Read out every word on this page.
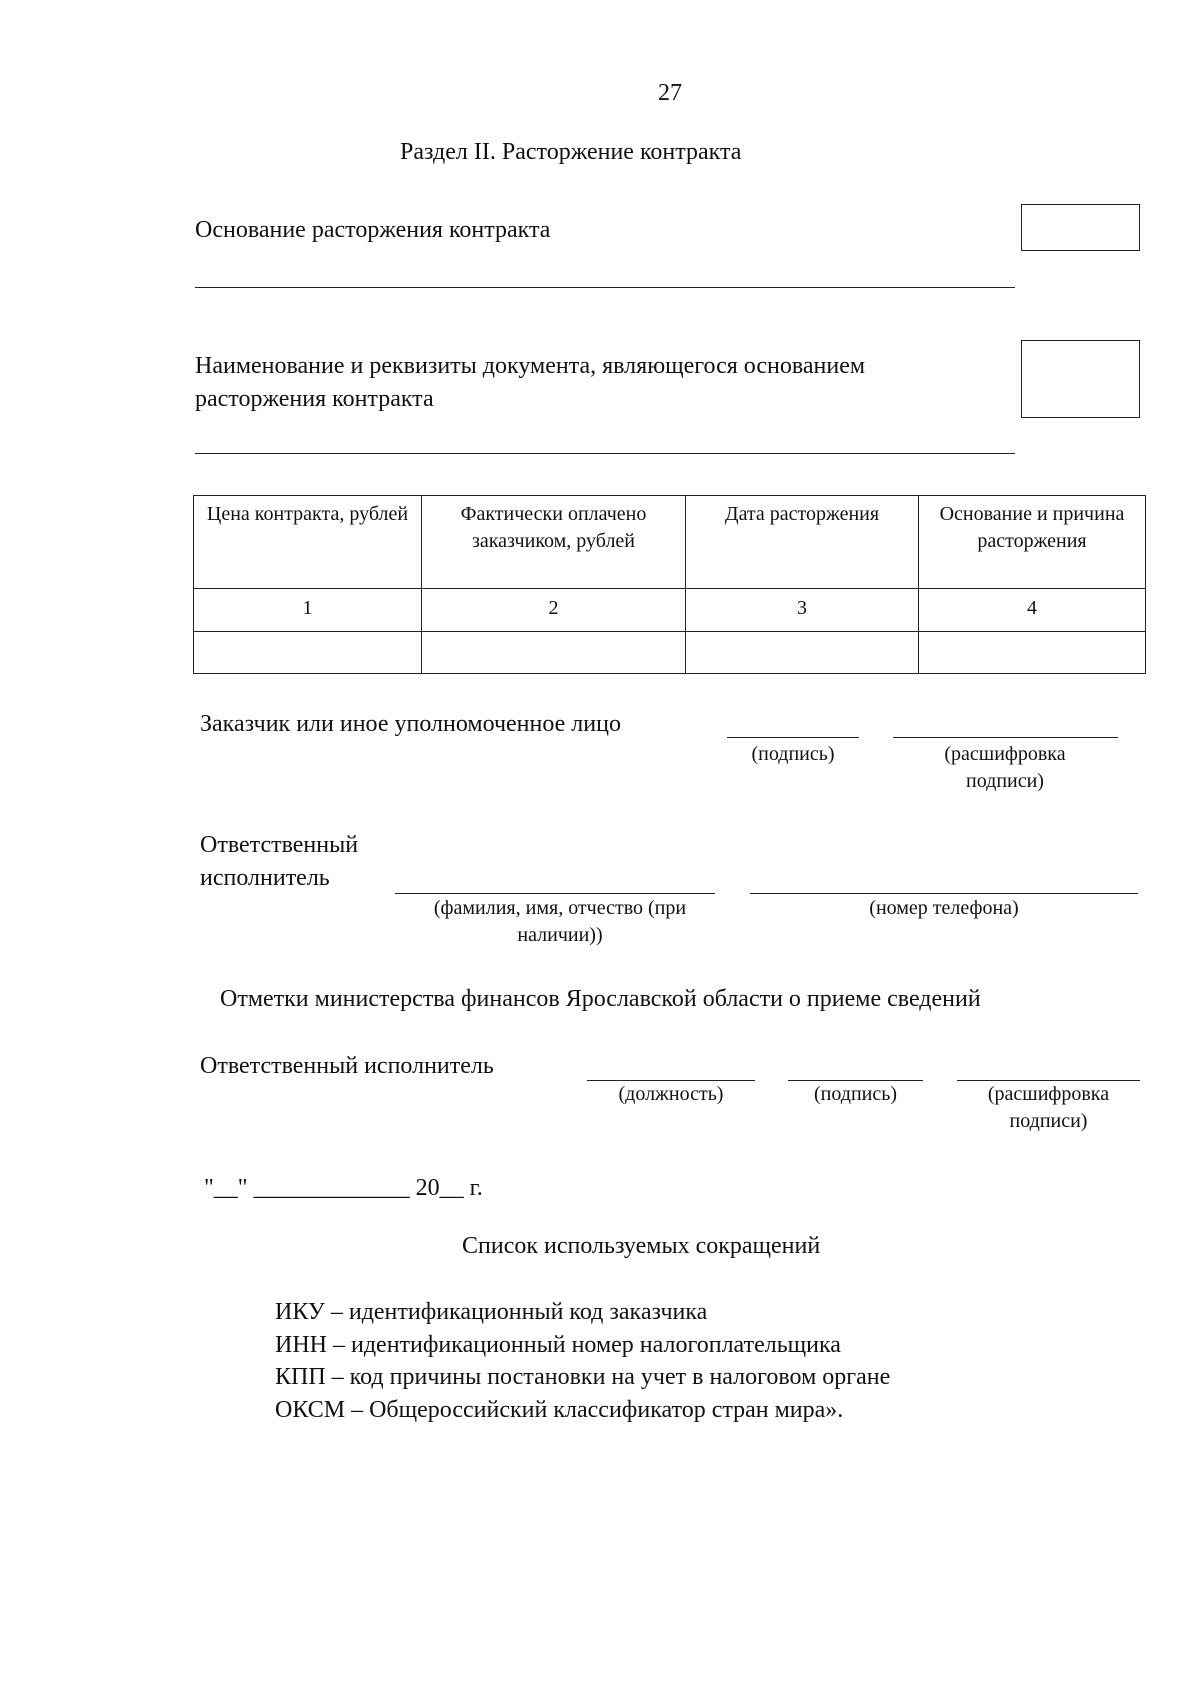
27
Раздел II. Расторжение контракта
Основание расторжения контракта
Наименование и реквизиты документа, являющегося основанием расторжения контракта
Цена контракта, рублей	Фактически оплачено заказчиком, рублей	Дата расторжения	Основание и причина расторжения
1	2	3	4

Заказчик или иное уполномоченное лицо
(подпись)	(расшифровка подписи)
Ответственный исполнитель
(фамилия, имя, отчество (при наличии))
(номер телефона)
Отметки министерства финансов Ярославской области о приеме сведений
Ответственный исполнитель
(должность)	(подпись)	(расшифровка подписи)
"__" _____________ 20__ г.
Список используемых сокращений
ИКУ – идентификационный код заказчика
ИНН – идентификационный номер налогоплательщика
КПП – код причины постановки на учет в налоговом органе
ОКСМ – Общероссийский классификатор стран мира».
